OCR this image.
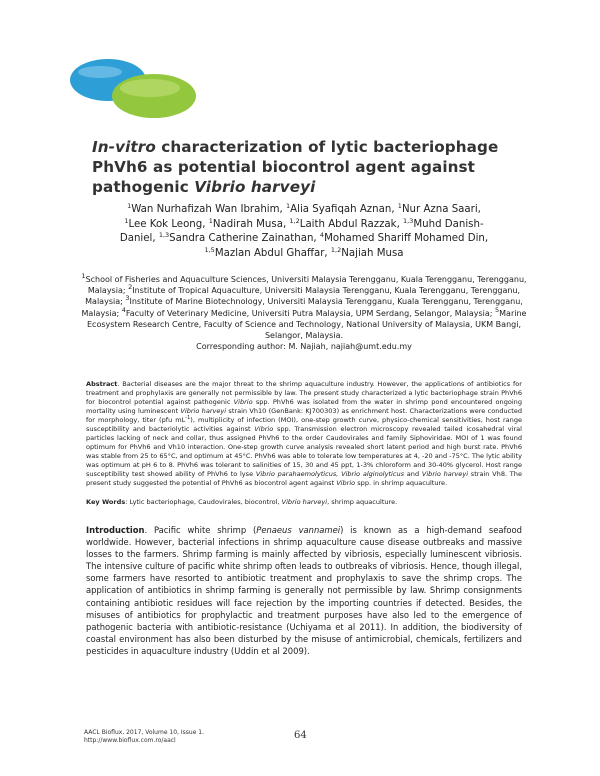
In-vitro characterization of lytic bacteriophage PhVh6 as potential biocontrol agent against pathogenic Vibrio harveyi
$^1$Wan Nurhafizah Wan Ibrahim, $^1$Alia Syafiqah Aznan, $^1$Nur Azna Saari,
$^1$Lee Kok Leong, $^1$Nadirah Musa, $^{1,2}$Laith Abdul Razzak, $^{1,3}$Muhd Danish-
Daniel, $^{1,3}$Sandra Catherine Zainathan, $^4$Mohamed Shariff Mohamed Din,
$^{1,5}$Mazlan Abdul Ghaffar, $^{1,2}$Najiah Musa
$^1$School of Fisheries and Aquaculture Sciences, Universiti Malaysia Terengganu, Kuala Terengganu, Terengganu, Malaysia; $^2$Institute of Tropical Aquaculture, Universiti Malaysia Terengganu, Kuala Terengganu, Terengganu, Malaysia; $^3$Institute of Marine Biotechnology, Universiti Malaysia Terengganu, Kuala Terengganu, Terengganu, Malaysia; $^4$Faculty of Veterinary Medicine, Universiti Putra Malaysia, UPM Serdang, Selangor, Malaysia; $^5$Marine Ecosystem Research Centre, Faculty of Science and Technology, National University of Malaysia, UKM Bangi, Selangor, Malaysia.
Corresponding author: M. Najiah, najiah@umt.edu.my
Abstract. Bacterial diseases are the major threat to the shrimp aquaculture industry. However, the applications of antibiotics for treatment and prophylaxis are generally not permissible by law. The present study characterized a lytic bacteriophage strain PhVh6 for biocontrol potential against pathogenic Vibrio spp. PhVh6 was isolated from the water in shrimp pond encountered ongoing mortality using luminescent Vibrio harveyi strain Vh10 (GenBank: KJ700303) as enrichment host. Characterizations were conducted for morphology, titer (pfu $mL^{-1}$), multiplicity of infection (MOI), one-step growth curve, physico-chemical sensitivities, host range susceptibility and bacteriolytic activities against Vibrio spp. Transmission electron microscopy revealed tailed icosahedral viral particles lacking of neck and collar, thus assigned PhVh6 to the order Caudovirales and family Siphoviridae. MOI of 1 was found optimum for PhVh6 and Vh10 interaction. One-step growth curve analysis revealed short latent period and high burst rate. PhVh6 was stable from 25 to 65°C, and optimum at 45°C. PhVh6 was able to tolerate low temperatures at 4, -20 and -75°C. The lytic ability was optimum at pH 6 to 8. PhVh6 was tolerant to salinities of 15, 30 and 45 ppt, 1-3% chloroform and 30-40% glycerol. Host range susceptibility test showed ability of PhVh6 to lyse Vibrio parahaemolyticus, Vibrio alginolyticus and Vibrio harveyi strain Vh8. The present study suggested the potential of PhVh6 as biocontrol agent against Vibrio spp. in shrimp aquaculture.
Key Words: Lytic bacteriophage, Caudovirales, biocontrol, Vibrio harveyi, shrimp aquaculture.
Introduction. Pacific white shrimp (Penaeus vannamei) is known as a high-demand seafood worldwide. However, bacterial infections in shrimp aquaculture cause disease outbreaks and massive losses to the farmers. Shrimp farming is mainly affected by vibriosis, especially luminescent vibriosis. The intensive culture of pacific white shrimp often leads to outbreaks of vibriosis. Hence, though illegal, some farmers have resorted to antibiotic treatment and prophylaxis to save the shrimp crops. The application of antibiotics in shrimp farming is generally not permissible by law. Shrimp consignments containing antibiotic residues will face rejection by the importing countries if detected. Besides, the misuses of antibiotics for prophylactic and treatment purposes have also led to the emergence of pathogenic bacteria with antibiotic-resistance (Uchiyama et al 2011). In addition, the biodiversity of coastal environment has also been disturbed by the misuse of antimicrobial, chemicals, fertilizers and pesticides in aquaculture industry (Uddin et al 2009).
AACL Bioflux, 2017, Volume 10, Issue 1.
http://www.bioflux.com.ro/aacl	64
